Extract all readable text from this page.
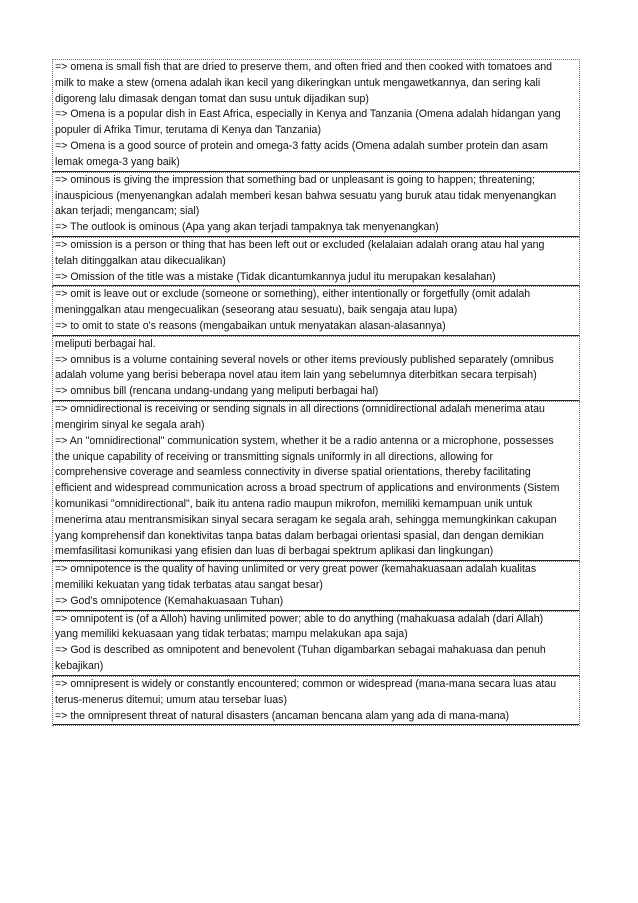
=> omena is small fish that are dried to preserve them, and often fried and then cooked with tomatoes and
milk to make a stew (omena adalah ikan kecil yang dikeringkan untuk mengawetkannya, dan sering kali
digoreng lalu dimasak dengan tomat dan susu untuk dijadikan sup)
=> Omena is a popular dish in East Africa, especially in Kenya and Tanzania (Omena adalah hidangan yang
populer di Afrika Timur, terutama di Kenya dan Tanzania)
=> Omena is a good source of protein and omega-3 fatty acids (Omena adalah sumber protein dan asam
lemak omega-3 yang baik)
=> ominous is giving the impression that something bad or unpleasant is going to happen; threatening;
inauspicious (menyenangkan adalah memberi kesan bahwa sesuatu yang buruk atau tidak menyenangkan
akan terjadi; mengancam; sial)
=> The outlook is ominous (Apa yang akan terjadi tampaknya tak menyenangkan)
=> omission is a person or thing that has been left out or excluded (kelalaian adalah orang atau hal yang
telah ditinggalkan atau dikecualikan)
=> Omission of the title was a mistake (Tidak dicantumkannya judul itu merupakan kesalahan)
=> omit is leave out or exclude (someone or something), either intentionally or forgetfully (omit adalah
meninggalkan atau mengecualikan (seseorang atau sesuatu), baik sengaja atau lupa)
=> to omit to state o's reasons (mengabaikan untuk menyatakan alasan-alasannya)
meliputi berbagai hal.
=> omnibus is a volume containing several novels or other items previously published separately (omnibus
adalah volume yang berisi beberapa novel atau item lain yang sebelumnya diterbitkan secara terpisah)
=> omnibus bill (rencana undang-undang yang meliputi berbagai hal)
=> omnidirectional is receiving or sending signals in all directions (omnidirectional adalah menerima atau
mengirim sinyal ke segala arah)
=> An "omnidirectional" communication system, whether it be a radio antenna or a microphone, possesses
the unique capability of receiving or transmitting signals uniformly in all directions, allowing for
comprehensive coverage and seamless connectivity in diverse spatial orientations, thereby facilitating
efficient and widespread communication across a broad spectrum of applications and environments (Sistem
komunikasi "omnidirectional", baik itu antena radio maupun mikrofon, memiliki kemampuan unik untuk
menerima atau mentransmisikan sinyal secara seragam ke segala arah, sehingga memungkinkan cakupan
yang komprehensif dan konektivitas tanpa batas dalam berbagai orientasi spasial, dan dengan demikian
memfasilitasi komunikasi yang efisien dan luas di berbagai spektrum aplikasi dan lingkungan)
=> omnipotence is the quality of having unlimited or very great power (kemahakuasaan adalah kualitas
memiliki kekuatan yang tidak terbatas atau sangat besar)
=> God's omnipotence (Kemahakuasaan Tuhan)
=> omnipotent is (of a Alloh) having unlimited power; able to do anything (mahakuasa adalah (dari Allah)
yang memiliki kekuasaan yang tidak terbatas; mampu melakukan apa saja)
=> God is described as omnipotent and benevolent (Tuhan digambarkan sebagai mahakuasa dan penuh
kebajikan)
=> omnipresent is widely or constantly encountered; common or widespread (mana-mana secara luas atau
terus-menerus ditemui; umum atau tersebar luas)
=> the omnipresent threat of natural disasters (ancaman bencana alam yang ada di mana-mana)
